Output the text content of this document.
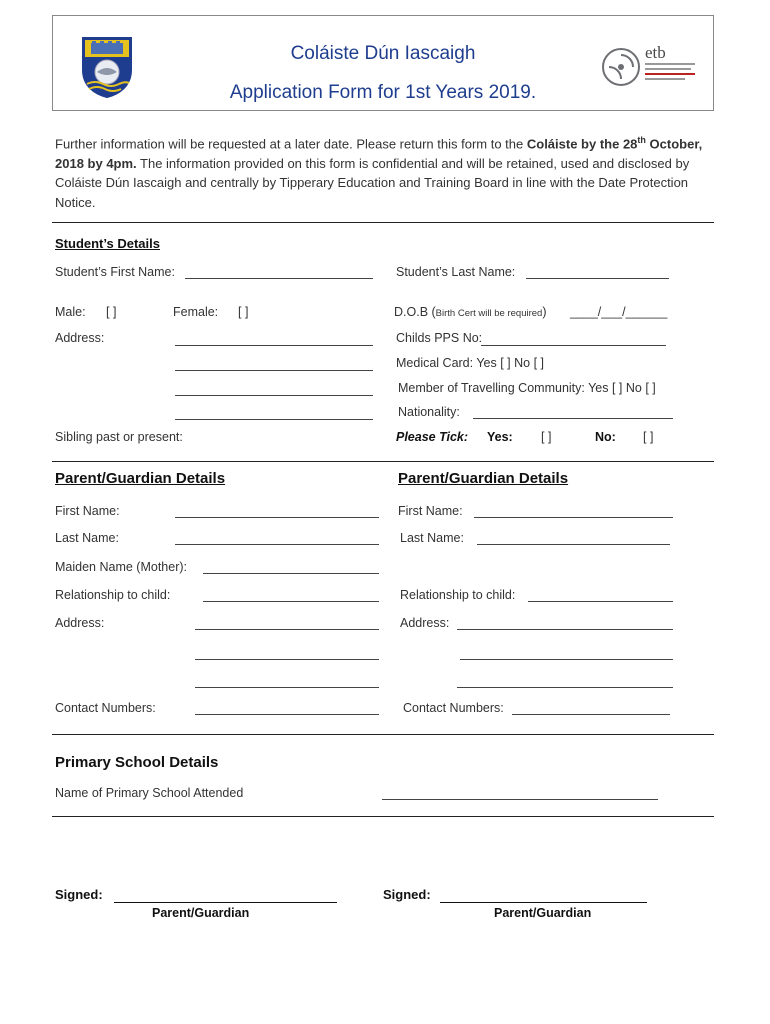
Coláiste Dún Iascaigh
Application Form for 1st Years 2019.
etb
Further information will be requested at a later date. Please return this form to the Coláiste by the 28th October, 2018 by 4pm. The information provided on this form is confidential and will be retained, used and disclosed by Coláiste Dún Iascaigh and centrally by Tipperary Education and Training Board in line with the Date Protection Notice.
Student’s Details
Student’s First Name:	Student’s Last Name:
Male: [ ]	Female: [ ]	D.O.B (Birth Cert will be required) ____/___/______
Address:	Childs PPS No:
Medical Card: Yes [ ] No [ ]
Member of Travelling Community: Yes [ ] No [ ]
Nationality:
Sibling past or present:	Please Tick: Yes: [ ]	No: [ ]
Parent/Guardian Details
First Name:
Last Name:
Maiden Name (Mother):
Relationship to child:
Address:
Contact Numbers:
Parent/Guardian Details
First Name:
Last Name:
Relationship to child:
Address:
Contact Numbers:
Primary School Details
Name of Primary School Attended
Signed:
Parent/Guardian
Signed:
Parent/Guardian
